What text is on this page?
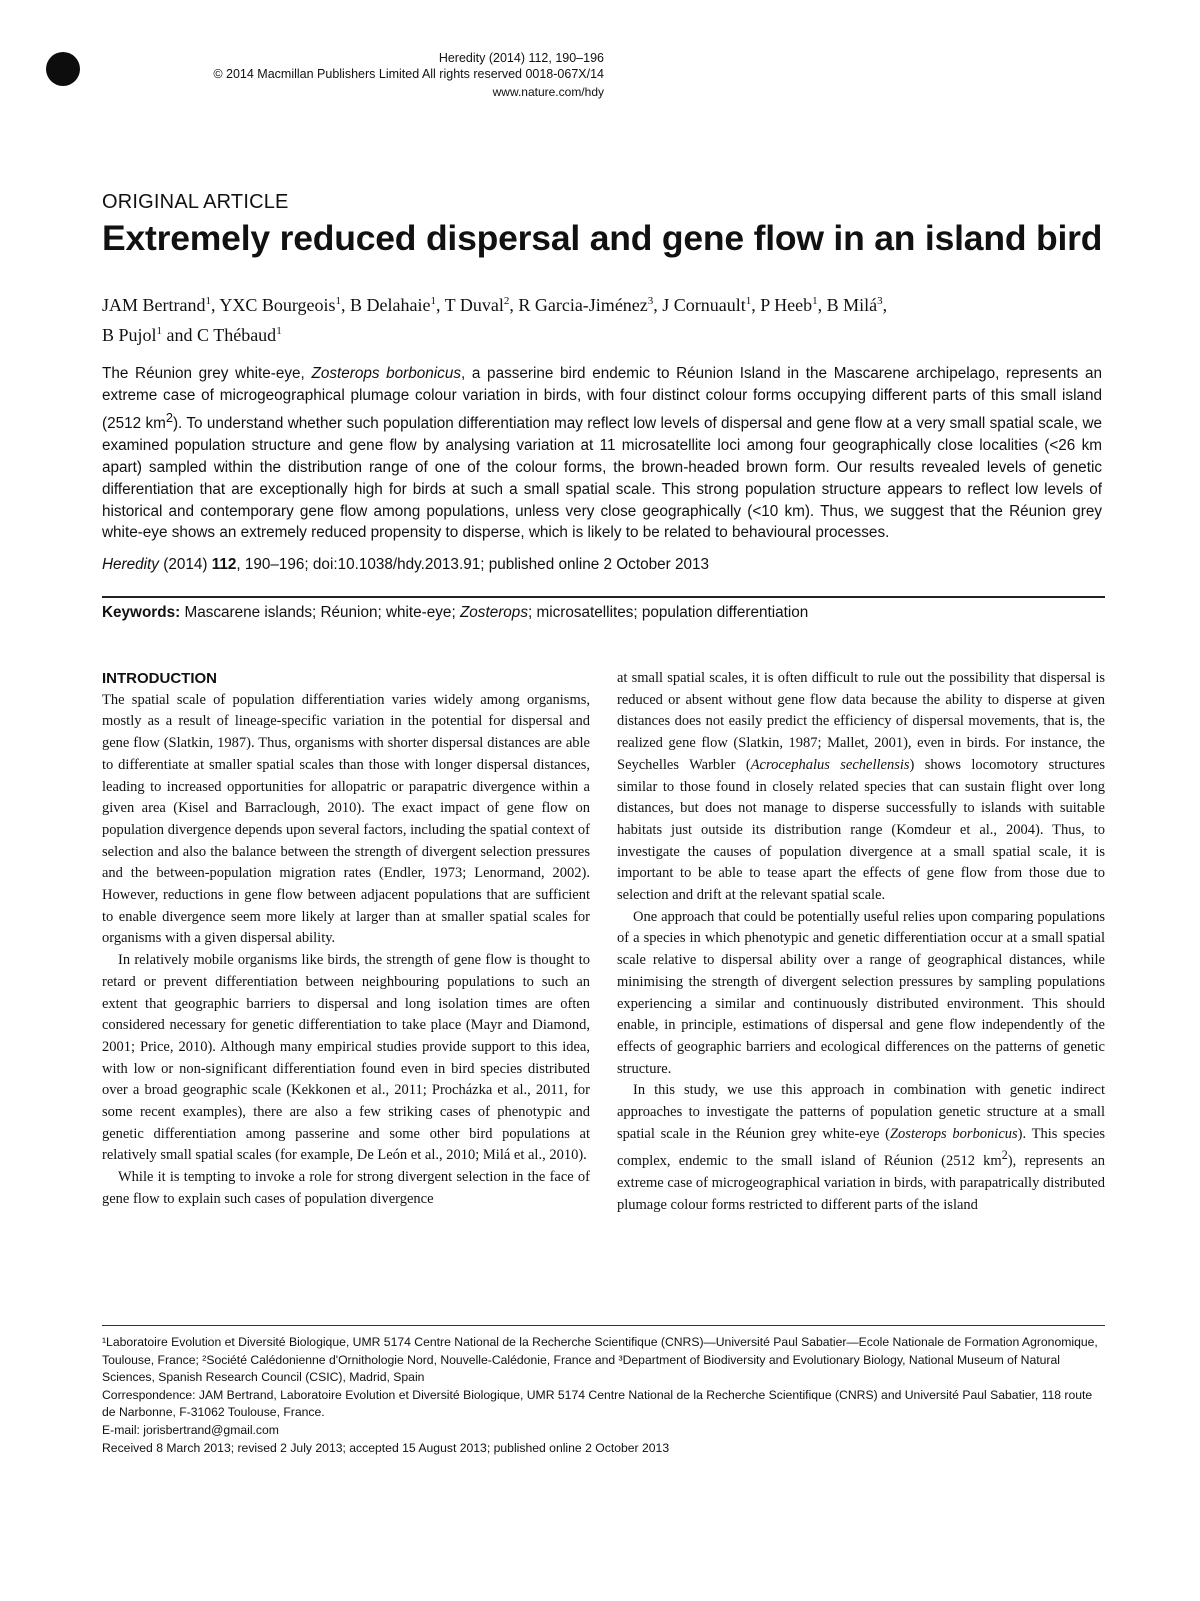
Heredity (2014) 112, 190–196
© 2014 Macmillan Publishers Limited All rights reserved 0018-067X/14
www.nature.com/hdy
ORIGINAL ARTICLE
Extremely reduced dispersal and gene flow in an island bird
JAM Bertrand$^1$, YXC Bourgeois$^1$, B Delahaie$^1$, T Duval$^2$, R Garcia-Jiménez$^3$, J Cornuault$^1$, P Heeb$^1$, B Milá$^3$,
B Pujol$^1$ and C Thébaud$^1$
The Réunion grey white-eye, Zosterops borbonicus, a passerine bird endemic to Réunion Island in the Mascarene archipelago, represents an extreme case of microgeographical plumage colour variation in birds, with four distinct colour forms occupying different parts of this small island (2512 $km^2$). To understand whether such population differentiation may reflect low levels of dispersal and gene flow at a very small spatial scale, we examined population structure and gene flow by analysing variation at 11 microsatellite loci among four geographically close localities (<26 km apart) sampled within the distribution range of one of the colour forms, the brown-headed brown form. Our results revealed levels of genetic differentiation that are exceptionally high for birds at such a small spatial scale. This strong population structure appears to reflect low levels of historical and contemporary gene flow among populations, unless very close geographically (<10 km). Thus, we suggest that the Réunion grey white-eye shows an extremely reduced propensity to disperse, which is likely to be related to behavioural processes.
Heredity (2014) 112, 190–196; doi:10.1038/hdy.2013.91; published online 2 October 2013
Keywords: Mascarene islands; Réunion; white-eye; Zosterops; microsatellites; population differentiation
INTRODUCTION

The spatial scale of population differentiation varies widely among organisms, mostly as a result of lineage-specific variation in the potential for dispersal and gene flow (Slatkin, 1987). Thus, organisms with shorter dispersal distances are able to differentiate at smaller spatial scales than those with longer dispersal distances, leading to increased opportunities for allopatric or parapatric divergence within a given area (Kisel and Barraclough, 2010). The exact impact of gene flow on population divergence depends upon several factors, including the spatial context of selection and also the balance between the strength of divergent selection pressures and the between-population migration rates (Endler, 1973; Lenormand, 2002). However, reductions in gene flow between adjacent populations that are sufficient to enable divergence seem more likely at larger than at smaller spatial scales for organisms with a given dispersal ability.

In relatively mobile organisms like birds, the strength of gene flow is thought to retard or prevent differentiation between neighbouring populations to such an extent that geographic barriers to dispersal and long isolation times are often considered necessary for genetic differentiation to take place (Mayr and Diamond, 2001; Price, 2010). Although many empirical studies provide support to this idea, with low or non-significant differentiation found even in bird species distributed over a broad geographic scale (Kekkonen et al., 2011; Procházka et al., 2011, for some recent examples), there are also a few striking cases of phenotypic and genetic differentiation among passerine and some other bird populations at relatively small spatial scales (for example, De León et al., 2010; Milá et al., 2010).

While it is tempting to invoke a role for strong divergent selection in the face of gene flow to explain such cases of population divergence

at small spatial scales, it is often difficult to rule out the possibility that dispersal is reduced or absent without gene flow data because the ability to disperse at given distances does not easily predict the efficiency of dispersal movements, that is, the realized gene flow (Slatkin, 1987; Mallet, 2001), even in birds. For instance, the Seychelles Warbler (Acrocephalus sechellensis) shows locomotory structures similar to those found in closely related species that can sustain flight over long distances, but does not manage to disperse successfully to islands with suitable habitats just outside its distribution range (Komdeur et al., 2004). Thus, to investigate the causes of population divergence at a small spatial scale, it is important to be able to tease apart the effects of gene flow from those due to selection and drift at the relevant spatial scale.

One approach that could be potentially useful relies upon comparing populations of a species in which phenotypic and genetic differentiation occur at a small spatial scale relative to dispersal ability over a range of geographical distances, while minimising the strength of divergent selection pressures by sampling populations experiencing a similar and continuously distributed environment. This should enable, in principle, estimations of dispersal and gene flow independently of the effects of geographic barriers and ecological differences on the patterns of genetic structure.

In this study, we use this approach in combination with genetic indirect approaches to investigate the patterns of population genetic structure at a small spatial scale in the Réunion grey white-eye (Zosterops borbonicus). This species complex, endemic to the small island of Réunion (2512 $km^2$), represents an extreme case of microgeographical variation in birds, with parapatrically distributed plumage colour forms restricted to different parts of the island

¹Laboratoire Evolution et Diversité Biologique, UMR 5174 Centre National de la Recherche Scientifique (CNRS)—Université Paul Sabatier—Ecole Nationale de Formation Agronomique, Toulouse, France; ²Société Calédonienne d'Ornithologie Nord, Nouvelle-Calédonie, France and ³Department of Biodiversity and Evolutionary Biology, National Museum of Natural Sciences, Spanish Research Council (CSIC), Madrid, Spain
Correspondence: JAM Bertrand, Laboratoire Evolution et Diversité Biologique, UMR 5174 Centre National de la Recherche Scientifique (CNRS) and Université Paul Sabatier, 118 route de Narbonne, F-31062 Toulouse, France.
E-mail: jorisbertrand@gmail.com
Received 8 March 2013; revised 2 July 2013; accepted 15 August 2013; published online 2 October 2013
